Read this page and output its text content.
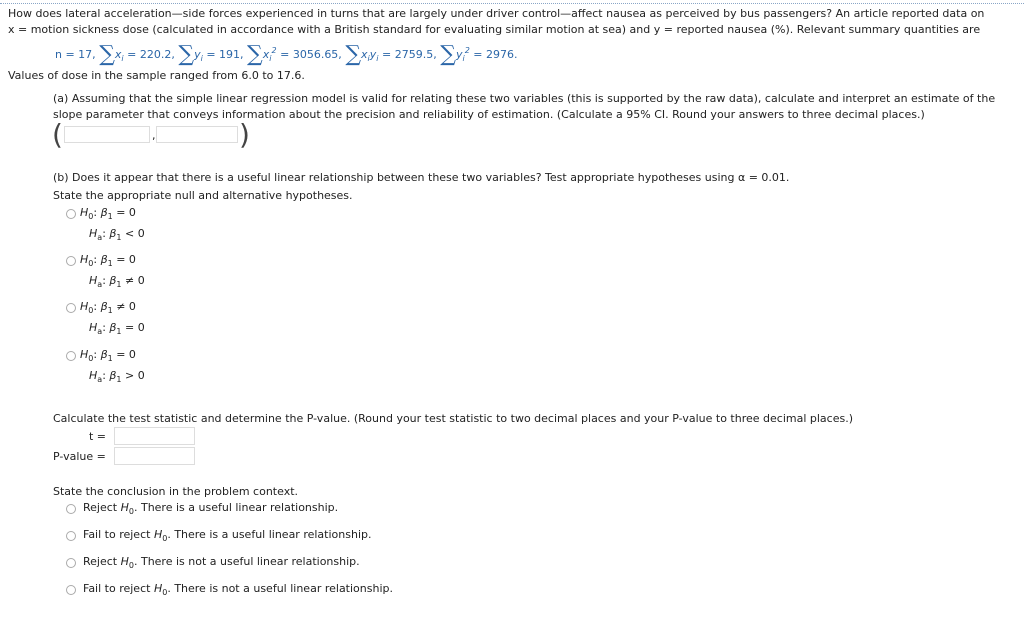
How does lateral acceleration—side forces experienced in turns that are largely under driver control—affect nausea as perceived by bus passengers? An article reported data on
x = motion sickness dose (calculated in accordance with a British standard for evaluating similar motion at sea) and y = reported nausea (%). Relevant summary quantities are
n = 17, $\sum x_i = 220.2$, $\sum y_i = 191$, $\sum x_i^2 = 3056.65$, $\sum x_iy_i = 2759.5$, $\sum y_i^2 = 2976$.
Values of dose in the sample ranged from 6.0 to 17.6.
(a) Assuming that the simple linear regression model is valid for relating these two variables (this is supported by the raw data), calculate and interpret an estimate of the
slope parameter that conveys information about the precision and reliability of estimation. (Calculate a 95% CI. Round your answers to three decimal places.)
(	,	)
(b) Does it appear that there is a useful linear relationship between these two variables? Test appropriate hypotheses using α = 0.01.
State the appropriate null and alternative hypotheses.
$H_0$: $\beta_1 = 0$
$H_a$: $\beta_1 < 0$
$H_0$: $\beta_1 = 0$
$H_a$: $\beta_1 \ne 0$
$H_0$: $\beta_1 \ne 0$
$H_a$: $\beta_1 = 0$
$H_0$: $\beta_1 = 0$
$H_a$: $\beta_1 > 0$
Calculate the test statistic and determine the P-value. (Round your test statistic to two decimal places and your P-value to three decimal places.)
t =
P-value =
State the conclusion in the problem context.
Reject $H_0$. There is a useful linear relationship.
Fail to reject $H_0$. There is a useful linear relationship.
Reject $H_0$. There is not a useful linear relationship.
Fail to reject $H_0$. There is not a useful linear relationship.
